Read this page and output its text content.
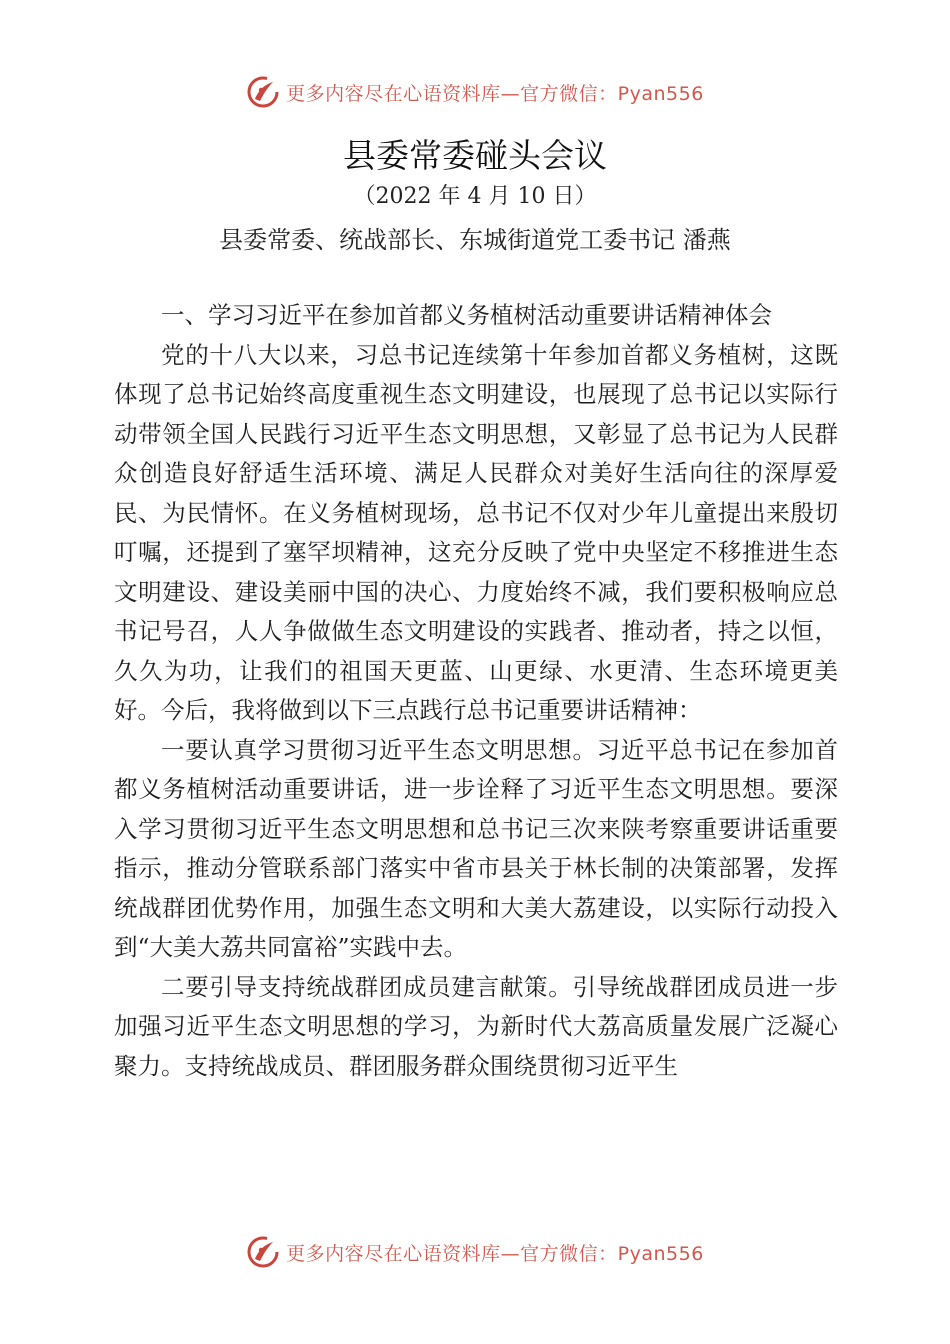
更多内容尽在心语资料库—官方微信：Pyan556
县委常委碰头会议
（2022 年 4 月 10 日）
县委常委、统战部长、东城街道党工委书记 潘燕

一、学习习近平在参加首都义务植树活动重要讲话精神体会

党的十八大以来，习总书记连续第十年参加首都义务植树，这既体现了总书记始终高度重视生态文明建设，也展现了总书记以实际行动带领全国人民践行习近平生态文明思想，又彰显了总书记为人民群众创造良好舒适生活环境、满足人民群众对美好生活向往的深厚爱民、为民情怀。在义务植树现场，总书记不仅对少年儿童提出来殷切叮嘱，还提到了塞罕坝精神，这充分反映了党中央坚定不移推进生态文明建设、建设美丽中国的决心、力度始终不减，我们要积极响应总书记号召，人人争做做生态文明建设的实践者、推动者，持之以恒，久久为功，让我们的祖国天更蓝、山更绿、水更清、生态环境更美好。今后，我将做到以下三点践行总书记重要讲话精神：

一要认真学习贯彻习近平生态文明思想。习近平总书记在参加首都义务植树活动重要讲话，进一步诠释了习近平生态文明思想。要深入学习贯彻习近平生态文明思想和总书记三次来陕考察重要讲话重要指示，推动分管联系部门落实中省市县关于林长制的决策部署，发挥统战群团优势作用，加强生态文明和大美大荔建设，以实际行动投入到“大美大荔共同富裕”实践中去。

二要引导支持统战群团成员建言献策。引导统战群团成员进一步加强习近平生态文明思想的学习，为新时代大荔高质量发展广泛凝心聚力。支持统战成员、群团服务群众围绕贯彻习近平生

更多内容尽在心语资料库—官方微信：Pyan556
